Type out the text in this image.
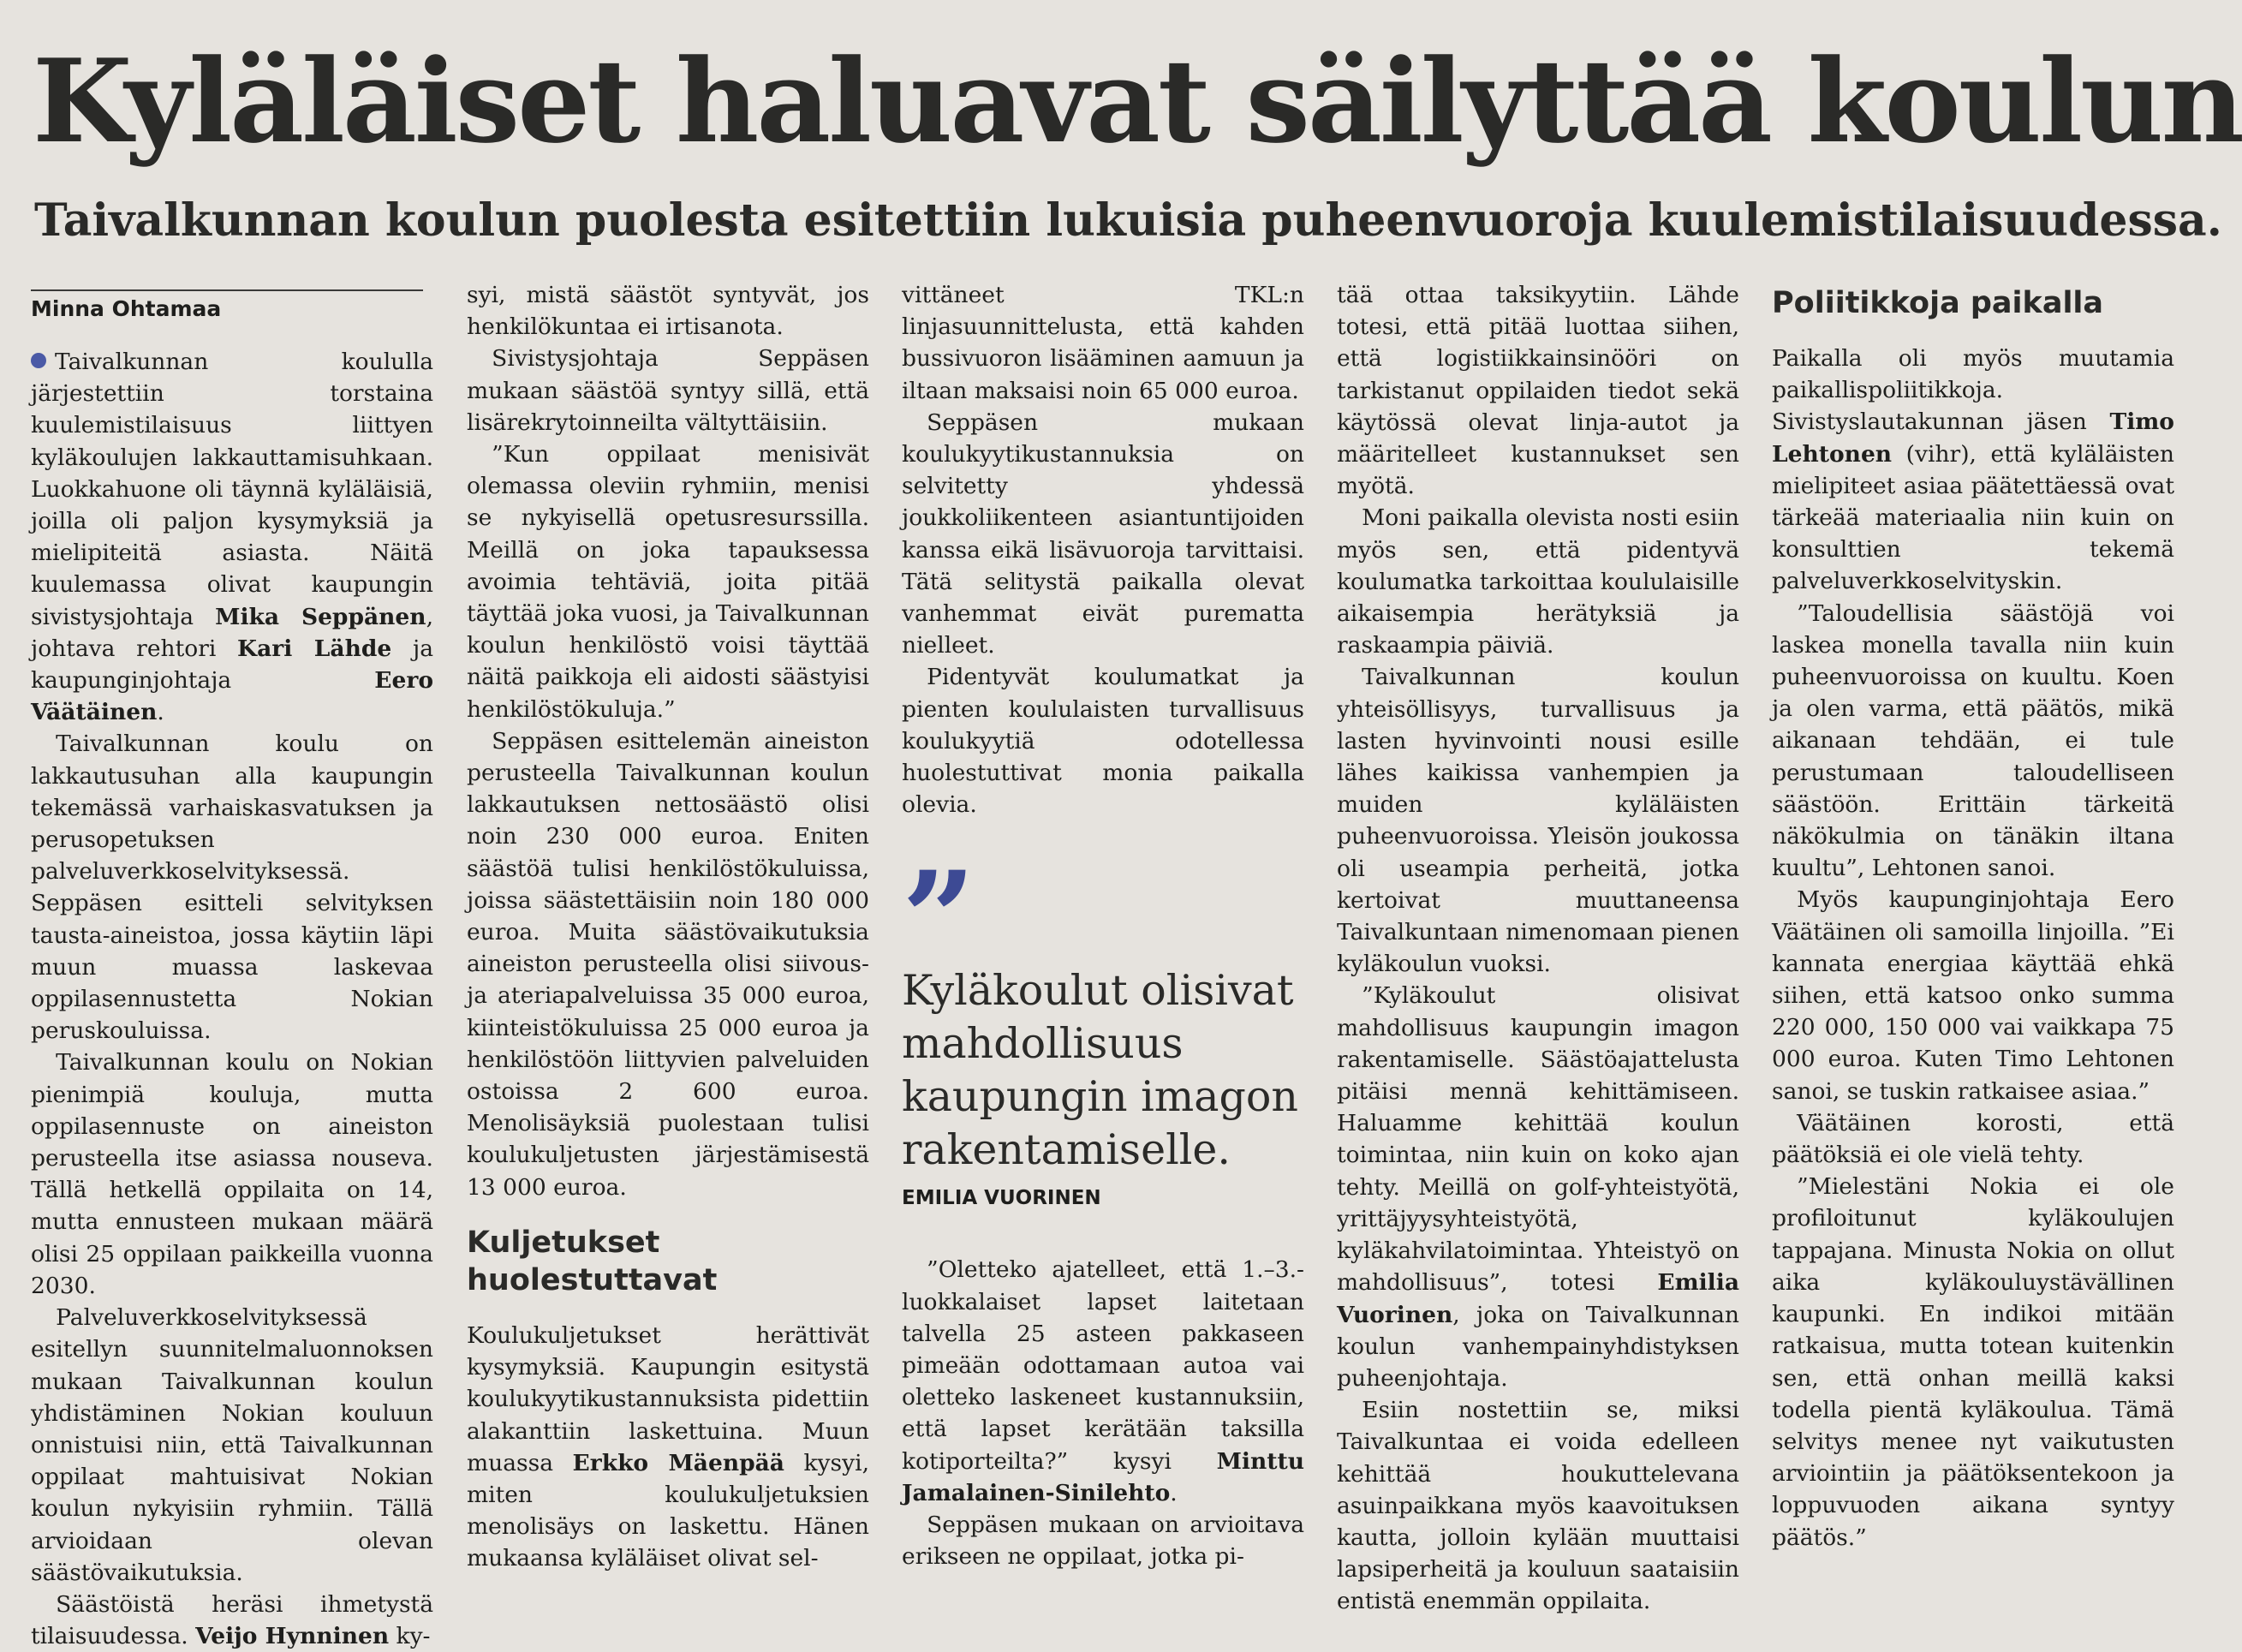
Kyläläiset haluavat säilyttää koulun
Taivalkunnan koulun puolesta esitettiin lukuisia puheenvuoroja kuulemistilaisuudessa.
Minna Ohtamaa

Taivalkunnan koululla järjestettiin torstaina kuulemistilaisuus liittyen kyläkoulujen lakkauttamisuhkaan. Luokkahuone oli täynnä kyläläisiä, joilla oli paljon kysymyksiä ja mielipiteitä asiasta. Näitä kuulemassa olivat kaupungin sivistysjohtaja Mika Seppänen, johtava rehtori Kari Lähde ja kaupunginjohtaja Eero Väätäinen.

Taivalkunnan koulu on lakkautusuhan alla kaupungin tekemässä varhaiskasvatuksen ja perusopetuksen palveluverkkoselvityksessä. Seppäsen esitteli selvityksen tausta-aineistoa, jossa käytiin läpi muun muassa laskevaa oppilasennustetta Nokian peruskouluissa.

Taivalkunnan koulu on Nokian pienimpiä kouluja, mutta oppilasennuste on aineiston perusteella itse asiassa nouseva. Tällä hetkellä oppilaita on 14, mutta ennusteen mukaan määrä olisi 25 oppilaan paikkeilla vuonna 2030.

Palveluverkkoselvityksessä esitellyn suunnitelmaluonnoksen mukaan Taivalkunnan koulun yhdistäminen Nokian kouluun onnistuisi niin, että Taivalkunnan oppilaat mahtuisivat Nokian koulun nykyisiin ryhmiin. Tällä arvioidaan olevan säästövaikutuksia.

Säästöistä heräsi ihmetystä tilaisuudessa. Veijo Hynninen ky-

syi, mistä säästöt syntyvät, jos henkilökuntaa ei irtisanota.

Sivistysjohtaja Seppäsen mukaan säästöä syntyy sillä, että lisärekrytoinneilta vältyttäisiin.

”Kun oppilaat menisivät olemassa oleviin ryhmiin, menisi se nykyisellä opetusresurssilla. Meillä on joka tapauksessa avoimia tehtäviä, joita pitää täyttää joka vuosi, ja Taivalkunnan koulun henkilöstö voisi täyttää näitä paikkoja eli aidosti säästyisi henkilöstökuluja.”

Seppäsen esittelemän aineiston perusteella Taivalkunnan koulun lakkautuksen nettosäästö olisi noin 230 000 euroa. Eniten säästöä tulisi henkilöstökuluissa, joissa säästettäisiin noin 180 000 euroa. Muita säästövaikutuksia aineiston perusteella olisi siivous- ja ateriapalveluissa 35 000 euroa, kiinteistökuluissa 25 000 euroa ja henkilöstöön liittyvien palveluiden ostoissa 2 600 euroa. Menolisäyksiä puolestaan tulisi koulukuljetusten järjestämisestä 13 000 euroa.

Kuljetukset huolestuttavat

Koulukuljetukset herättivät kysymyksiä. Kaupungin esitystä koulukyytikustannuksista pidettiin alakanttiin laskettuina. Muun muassa Erkko Mäenpää kysyi, miten koulukuljetuksien menolisäys on laskettu. Hänen mukaansa kyläläiset olivat sel-

vittäneet TKL:n linjasuunnittelusta, että kahden bussivuoron lisääminen aamuun ja iltaan maksaisi noin 65 000 euroa.

Seppäsen mukaan koulukyytikustannuksia on selvitetty yhdessä joukkoliikenteen asiantuntijoiden kanssa eikä lisävuoroja tarvittaisi. Tätä selitystä paikalla olevat vanhemmat eivät purematta nielleet.

Pidentyvät koulumatkat ja pienten koululaisten turvallisuus koulukyytiä odotellessa huolestuttivat monia paikalla olevia.

”
Kyläkoulut olisivat mahdollisuus kaupungin imagon rakentamiselle.
EMILIA VUORINEN

”Oletteko ajatelleet, että 1.–3.-luokkalaiset lapset laitetaan talvella 25 asteen pakkaseen pimeään odottamaan autoa vai oletteko laskeneet kustannuksiin, että lapset kerätään taksilla kotiporteilta?” kysyi Minttu Jamalainen-Sinilehto.

Seppäsen mukaan on arvioitava erikseen ne oppilaat, jotka pi-

tää ottaa taksikyytiin. Lähde totesi, että pitää luottaa siihen, että logistiikkainsinööri on tarkistanut oppilaiden tiedot sekä käytössä olevat linja-autot ja määritelleet kustannukset sen myötä.

Moni paikalla olevista nosti esiin myös sen, että pidentyvä koulumatka tarkoittaa koululaisille aikaisempia herätyksiä ja raskaampia päiviä.

Taivalkunnan koulun yhteisöllisyys, turvallisuus ja lasten hyvinvointi nousi esille lähes kaikissa vanhempien ja muiden kyläläisten puheenvuoroissa. Yleisön joukossa oli useampia perheitä, jotka kertoivat muuttaneensa Taivalkuntaan nimenomaan pienen kyläkoulun vuoksi.

”Kyläkoulut olisivat mahdollisuus kaupungin imagon rakentamiselle. Säästöajattelusta pitäisi mennä kehittämiseen. Haluamme kehittää koulun toimintaa, niin kuin on koko ajan tehty. Meillä on golf-yhteistyötä, yrittäjyysyhteistyötä, kyläkahvilatoimintaa. Yhteistyö on mahdollisuus”, totesi Emilia Vuorinen, joka on Taivalkunnan koulun vanhempainyhdistyksen puheenjohtaja.

Esiin nostettiin se, miksi Taivalkuntaa ei voida edelleen kehittää houkuttelevana asuinpaikkana myös kaavoituksen kautta, jolloin kylään muuttaisi lapsiperheitä ja kouluun saataisiin entistä enemmän oppilaita.

Poliitikkoja paikalla

Paikalla oli myös muutamia paikallispoliitikkoja. Sivistyslautakunnan jäsen Timo Lehtonen (vihr), että kyläläisten mielipiteet asiaa päätettäessä ovat tärkeää materiaalia niin kuin on konsulttien tekemä palveluverkkoselvityskin.

”Taloudellisia säästöjä voi laskea monella tavalla niin kuin puheenvuoroissa on kuultu. Koen ja olen varma, että päätös, mikä aikanaan tehdään, ei tule perustumaan taloudelliseen säästöön. Erittäin tärkeitä näkökulmia on tänäkin iltana kuultu”, Lehtonen sanoi.

Myös kaupunginjohtaja Eero Väätäinen oli samoilla linjoilla. ”Ei kannata energiaa käyttää ehkä siihen, että katsoo onko summa 220 000, 150 000 vai vaikkapa 75 000 euroa. Kuten Timo Lehtonen sanoi, se tuskin ratkaisee asiaa.”

Väätäinen korosti, että päätöksiä ei ole vielä tehty.

”Mielestäni Nokia ei ole profiloitunut kyläkoulujen tappajana. Minusta Nokia on ollut aika kyläkouluystävällinen kaupunki. En indikoi mitään ratkaisua, mutta totean kuitenkin sen, että onhan meillä kaksi todella pientä kyläkoulua. Tämä selvitys menee nyt vaikutusten arviointiin ja päätöksentekoon ja loppuvuoden aikana syntyy päätös.”
